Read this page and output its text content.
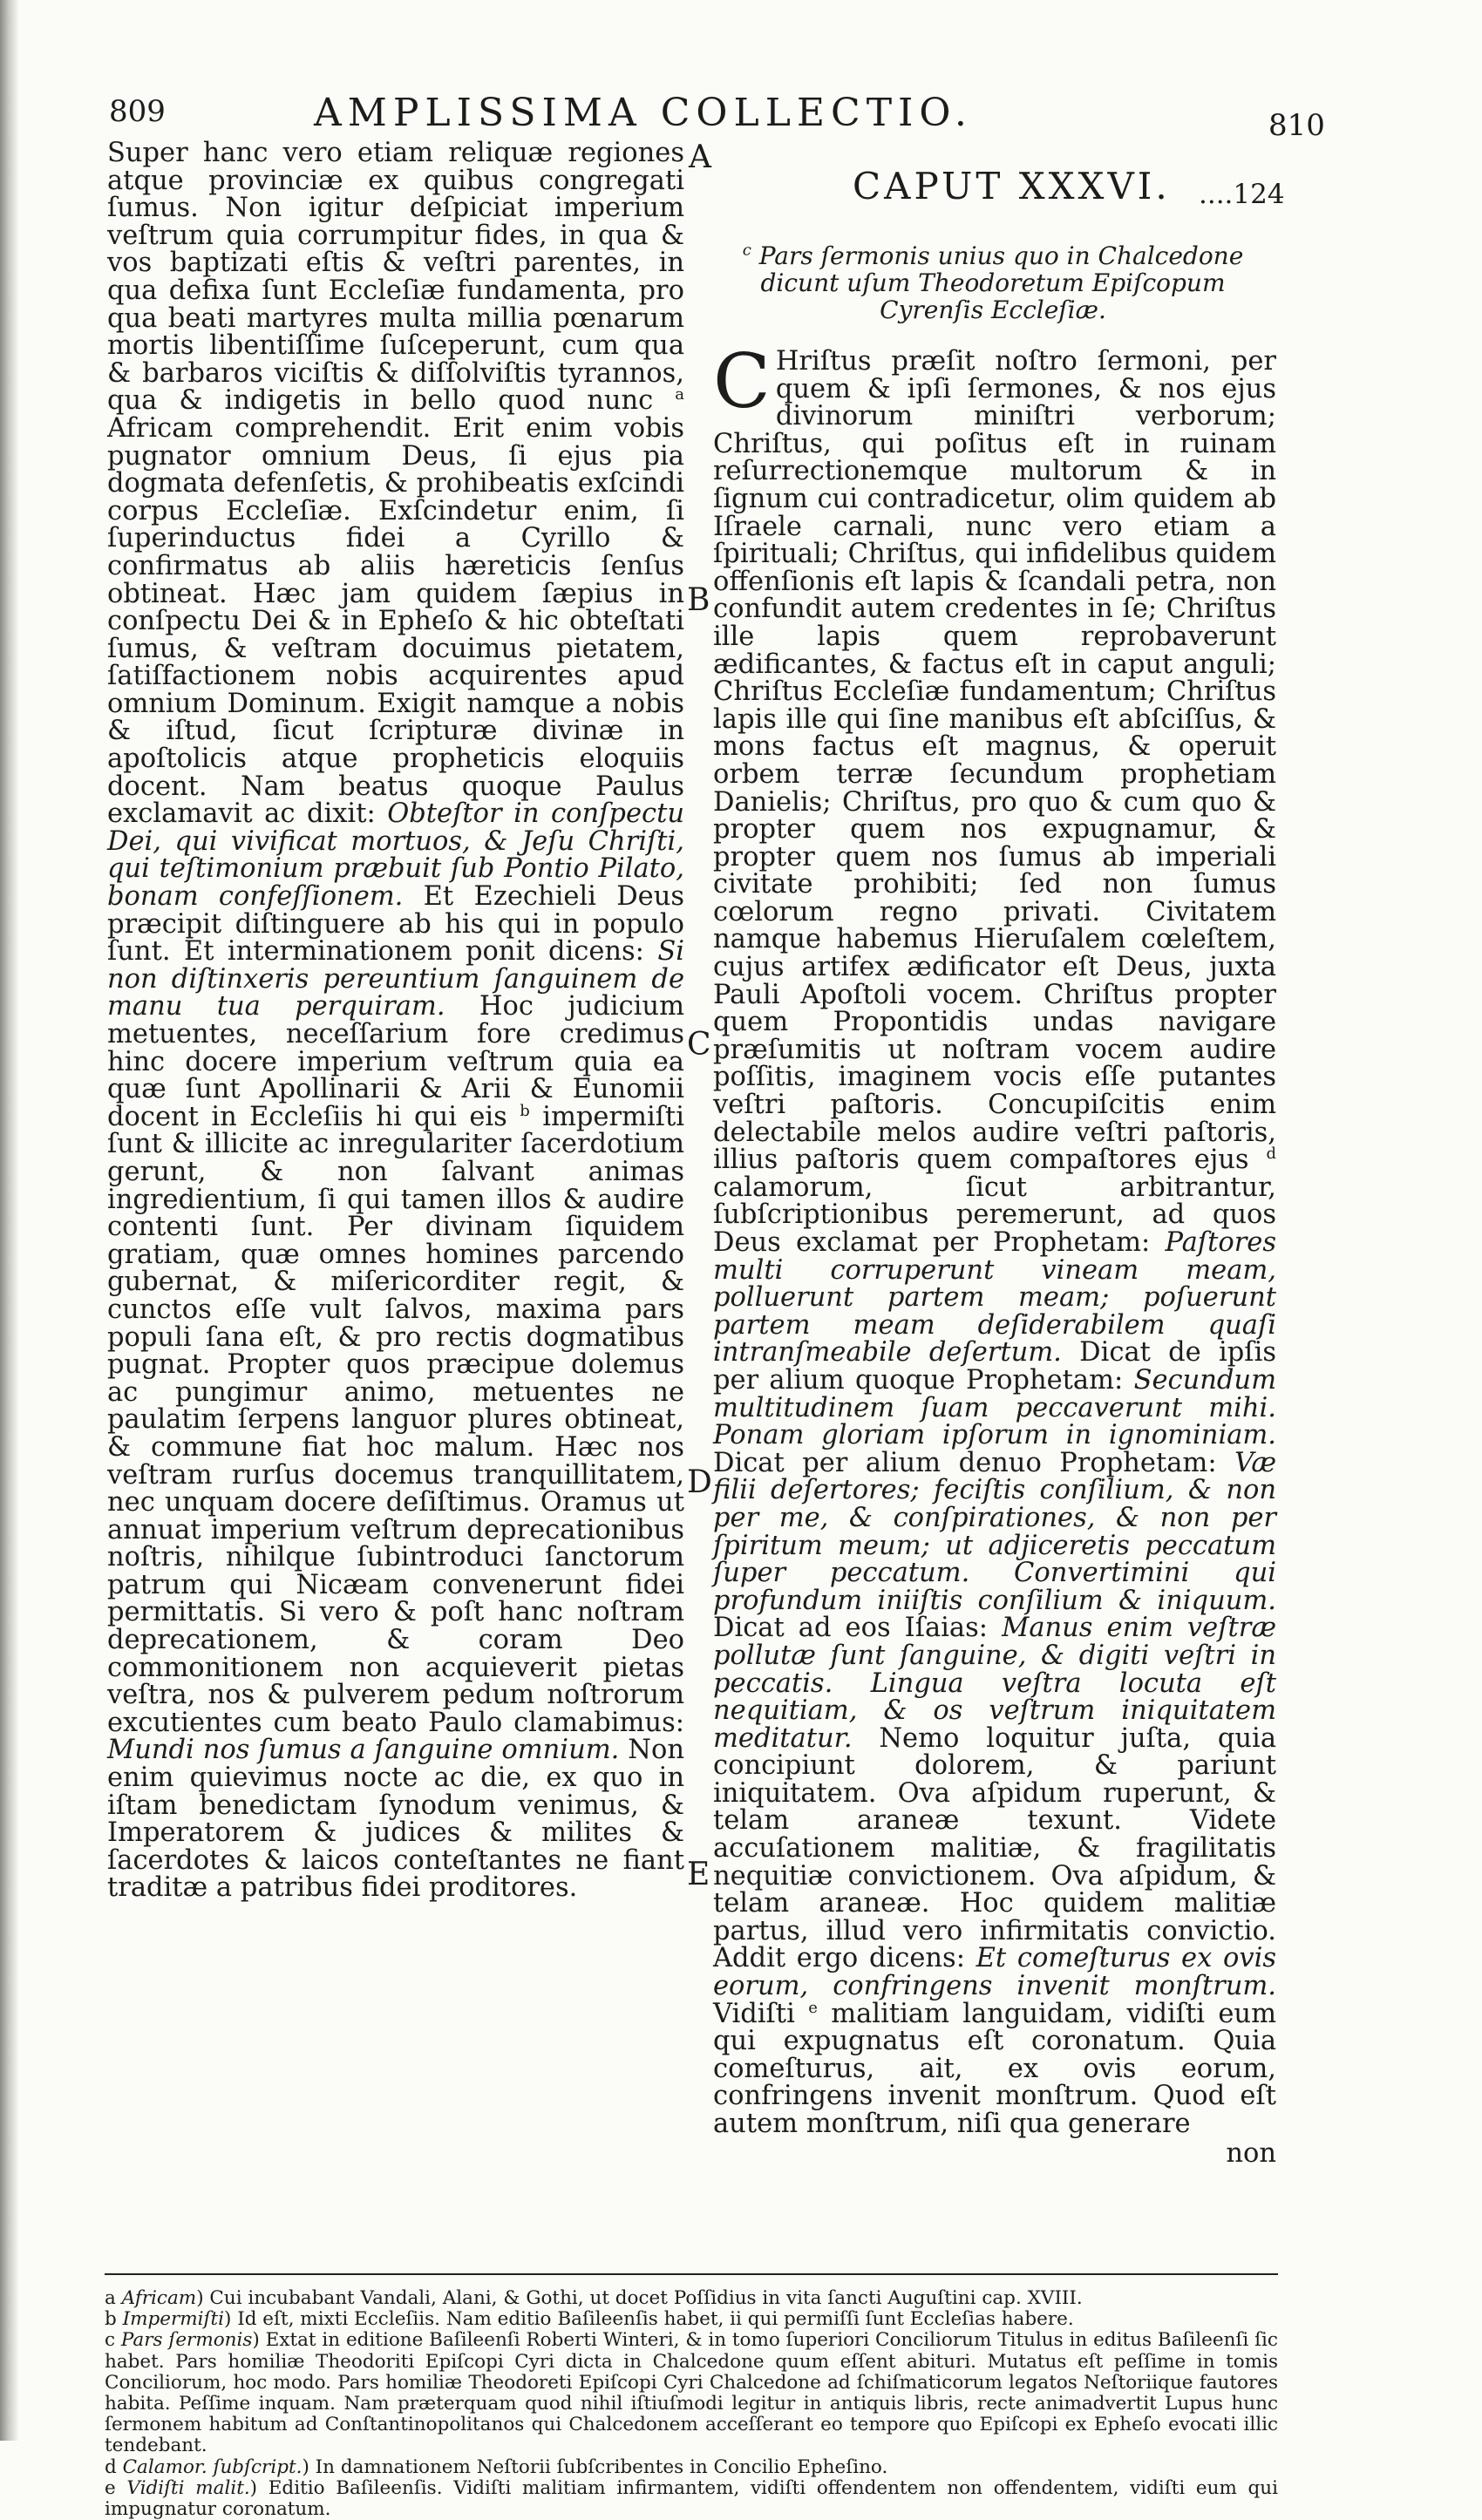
809	AMPLISSIMA COLLECTIO.	810

Super hanc vero etiam reliquæ regiones atque provinciæ ex quibus congregati ſumus. Non igitur deſpiciat imperium veſtrum quia corrumpitur fides, in qua & vos baptizati eſtis & veſtri parentes, in qua defixa ſunt Eccleſiæ fundamenta, pro qua beati martyres multa millia pœnarum mortis libentiſſime ſuſceperunt, cum qua & barbaros viciſtis & diſſolviſtis tyrannos, qua & indigetis in bello quod nunc $^a$ Africam comprehendit. Erit enim vobis pugnator omnium Deus, ſi ejus pia dogmata defenſetis, & prohibeatis exſcindi corpus Eccleſiæ. Exſcindetur enim, ſi ſuperinductus fidei a Cyrillo & confirmatus ab aliis hæreticis ſenſus obtineat. Hæc jam quidem ſæpius in conſpectu Dei & in Epheſo & hic obteſtati ſumus, & veſtram docuimus pietatem, ſatiſfactionem nobis acquirentes apud omnium Dominum. Exigit namque a nobis & iſtud, ſicut ſcripturæ divinæ in apoſtolicis atque propheticis eloquiis docent. Nam beatus quoque Paulus exclamavit ac dixit: Obteſtor in conſpectu Dei, qui vivificat mortuos, & Jeſu Chriſti, qui teſtimonium præbuit ſub Pontio Pilato, bonam confeſſionem. Et Ezechieli Deus præcipit diſtinguere ab his qui in populo ſunt. Et interminationem ponit dicens: Si non diſtinxeris pereuntium ſanguinem de manu tua perquiram. Hoc judicium metuentes, neceſſarium fore credimus hinc docere imperium veſtrum quia ea quæ ſunt Apollinarii & Arii & Eunomii docent in Eccleſiis hi qui eis $^b$ impermiſti ſunt & illicite ac inregulariter ſacerdotium gerunt, & non ſalvant animas ingredientium, ſi qui tamen illos & audire contenti ſunt. Per divinam ſiquidem gratiam, quæ omnes homines parcendo gubernat, & miſericorditer regit, & cunctos eſſe vult ſalvos, maxima pars populi ſana eſt, & pro rectis dogmatibus pugnat. Propter quos præcipue dolemus ac pungimur animo, metuentes ne paulatim ſerpens languor plures obtineat, & commune fiat hoc malum. Hæc nos veſtram rurſus docemus tranquillitatem, nec unquam docere deſiſtimus. Oramus ut annuat imperium veſtrum deprecationibus noſtris, nihilque ſubintroduci ſanctorum patrum qui Nicæam convenerunt fidei permittatis. Si vero & poſt hanc noſtram deprecationem, & coram Deo commonitionem non acquieverit pietas veſtra, nos & pulverem pedum noſtrorum excutientes cum beato Paulo clamabimus: Mundi nos ſumus a ſanguine omnium. Non enim quievimus nocte ac die, ex quo in iſtam benedictam ſynodum venimus, & Imperatorem & judices & milites & ſacerdotes & laicos conteſtantes ne fiant traditæ a patribus fidei proditores.

A
B
C
D
E
CAPUT XXXVI. ....124
$^c$ Pars ſermonis unius quo in Chalcedone dicunt uſum Theodoretum Epiſcopum Cyrenſis Eccleſiæ.

C Hriſtus præſit noſtro ſermoni, per quem & ipſi ſermones, & nos ejus divinorum miniſtri verborum; Chriſtus, qui poſitus eſt in ruinam reſurrectionemque multorum & in ſignum cui contradicetur, olim quidem ab Iſraele carnali, nunc vero etiam a ſpirituali; Chriſtus, qui infidelibus quidem offenſionis eſt lapis & ſcandali petra, non confundit autem credentes in ſe; Chriſtus ille lapis quem reprobaverunt ædificantes, & factus eſt in caput anguli; Chriſtus Eccleſiæ fundamentum; Chriſtus lapis ille qui ſine manibus eſt abſciſſus, & mons factus eſt magnus, & operuit orbem terræ ſecundum prophetiam Danielis; Chriſtus, pro quo & cum quo & propter quem nos expugnamur, & propter quem nos ſumus ab imperiali civitate prohibiti; ſed non ſumus cœlorum regno privati. Civitatem namque habemus Hieruſalem cœleſtem, cujus artifex ædificator eſt Deus, juxta Pauli Apoſtoli vocem. Chriſtus propter quem Propontidis undas navigare præſumitis ut noſtram vocem audire poſſitis, imaginem vocis eſſe putantes veſtri paſtoris. Concupiſcitis enim delectabile melos audire veſtri paſtoris, illius paſtoris quem compaſtores ejus $^d$ calamorum, ſicut arbitrantur, ſubſcriptionibus peremerunt, ad quos Deus exclamat per Prophetam: Paſtores multi corruperunt vineam meam, polluerunt partem meam; poſuerunt partem meam deſiderabilem quaſi intranſmeabile deſertum. Dicat de ipſis per alium quoque Prophetam: Secundum multitudinem ſuam peccaverunt mihi. Ponam gloriam ipſorum in ignominiam. Dicat per alium denuo Prophetam: Væ filii deſertores; feciſtis conſilium, & non per me, & conſpirationes, & non per ſpiritum meum; ut adjiceretis peccatum ſuper peccatum. Convertimini qui profundum iniiſtis conſilium & iniquum. Dicat ad eos Iſaias: Manus enim veſtræ pollutæ ſunt ſanguine, & digiti veſtri in peccatis. Lingua veſtra locuta eſt nequitiam, & os veſtrum iniquitatem meditatur. Nemo loquitur juſta, quia concipiunt dolorem, & pariunt iniquitatem. Ova aſpidum ruperunt, & telam araneæ texunt. Videte accuſationem malitiæ, & fragilitatis nequitiæ convictionem. Ova aſpidum, & telam araneæ. Hoc quidem malitiæ partus, illud vero infirmitatis convictio. Addit ergo dicens: Et comeſturus ex ovis eorum, confringens invenit monſtrum. Vidiſti $^e$ malitiam languidam, vidiſti eum qui expugnatus eſt coronatum. Quia comeſturus, ait, ex ovis eorum, confringens invenit monſtrum. Quod eſt autem monſtrum, niſi qua generare

non

a Africam) Cui incubabant Vandali, Alani, & Gothi, ut docet Poſſidius in vita ſancti Auguſtini cap. XVIII.

b Impermiſti) Id eſt, mixti Eccleſiis. Nam editio Baſileenſis habet, ii qui permiſſi ſunt Eccleſias habere.

c Pars ſermonis) Extat in editione Baſileenſi Roberti Winteri, & in tomo ſuperiori Conciliorum Titulus in editus Baſileenſi ſic habet. Pars homiliæ Theodoriti Epiſcopi Cyri dicta in Chalcedone quum eſſent abituri. Mutatus eſt peſſime in tomis Conciliorum, hoc modo. Pars homiliæ Theodoreti Epiſcopi Cyri Chalcedone ad ſchiſmaticorum legatos Neſtoriique fautores habita. Peſſime inquam. Nam præterquam quod nihil iſtiuſmodi legitur in antiquis libris, recte animadvertit Lupus hunc ſermonem habitum ad Conſtantinopolitanos qui Chalcedonem acceſſerant eo tempore quo Epiſcopi ex Epheſo evocati illic tendebant.

d Calamor. ſubſcript.) In damnationem Neſtorii ſubſcribentes in Concilio Epheſino.

e Vidiſti malit.) Editio Baſileenſis. Vidiſti malitiam infirmantem, vidiſti offendentem non offendentem, vidiſti eum qui impugnatur coronatum.
